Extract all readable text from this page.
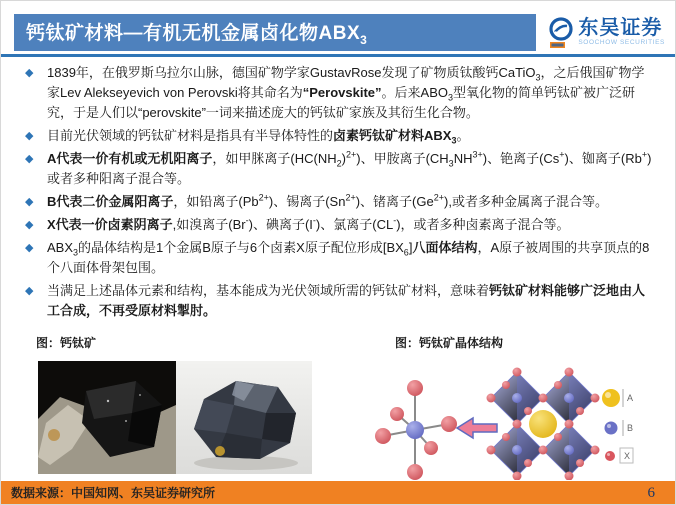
钙钛矿材料—有机无机金属卤化物$ABX_3$
东吴证券
SOOCHOW SECURITIES
◆	1839年，在俄罗斯乌拉尔山脉，德国矿物学家GustavRose发现了矿物质钛酸钙CaTiO$_3$，之后俄国矿物学家Lev Alekseyevich von Perovski将其命名为“Perovskite”。后来$ABO_3$型氧化物的简单钙钛矿被广泛研究，于是人们以“perovskite”一词来描述庞大的钙钛矿家族及其衍生化合物。
◆	目前光伏领域的钙钛矿材料是指具有半导体特性的卤素钙钛矿材料$ABX_3$。
◆	A代表一价有机或无机阳离子，如甲脒离子$(HC(NH_2)^{2+})$、甲胺离子$(CH_3NH^{3+})$、铯离子(Cs+)、铷离子(Rb+)或者多种阳离子混合等。
◆	B代表二价金属阳离子，如铅离子$(Pb^{2+})$、锡离子$(Sn^{2+})$、锗离子$(Ge^{2+})$,或者多种金属离子混合等。
◆	X代表一价卤素阴离子,如溴离子(Br-)、碘离子(I-)、氯离子(CL-)，或者多种卤素离子混合等。
◆	$ABX_3$的晶体结构是1个金属B原子与6个卤素X原子配位形成$[BX_6]$八面体结构，A原子被周围的共享顶点的8个八面体骨架包围。
◆	当满足上述晶体元素和结构，基本能成为光伏领域所需的钙钛矿材料，意味着钙钛矿材料能够广泛地由人工合成，不再受原材料掣肘。
图：钙钛矿	图：钙钛矿晶体结构
A
B
X
数据来源：中国知网、东吴证券研究所	6
